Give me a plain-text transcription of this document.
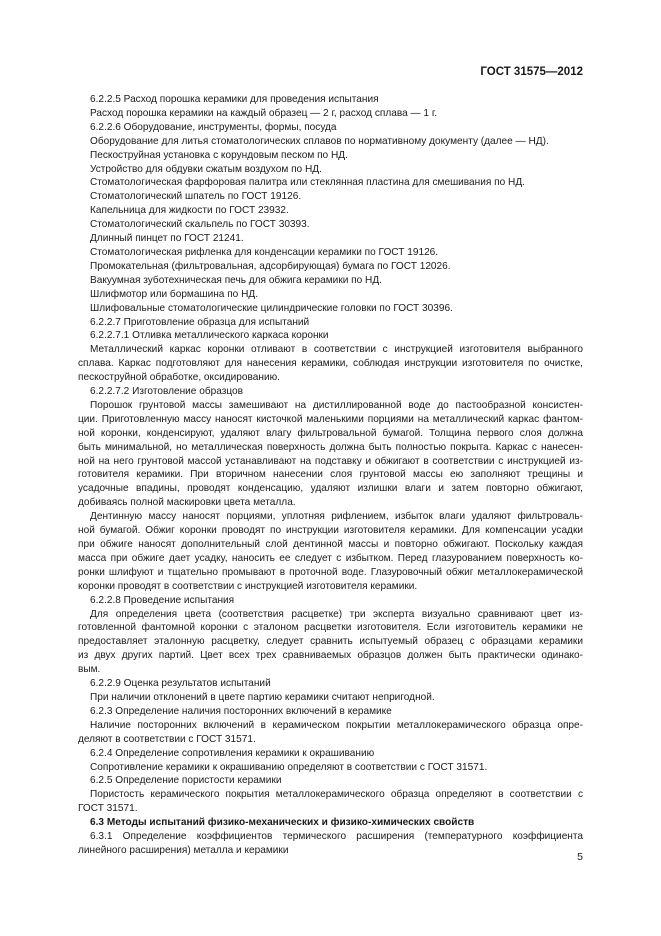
ГОСТ 31575—2012
6.2.2.5 Расход порошка керамики для проведения испытания
Расход порошка керамики на каждый образец — 2 г, расход сплава — 1 г.
6.2.2.6 Оборудование, инструменты, формы, посуда
Оборудование для литья стоматологических сплавов по нормативному документу (далее — НД).
Пескоструйная установка с корундовым песком по НД.
Устройство для обдувки сжатым воздухом по НД.
Стоматологическая фарфоровая палитра или стеклянная пластина для смешивания по НД.
Стоматологический шпатель по ГОСТ 19126.
Капельница для жидкости по ГОСТ 23932.
Стоматологический скальпель по ГОСТ 30393.
Длинный пинцет по ГОСТ 21241.
Стоматологическая рифленка для конденсации керамики по ГОСТ 19126.
Промокательная (фильтровальная, адсорбирующая) бумага по ГОСТ 12026.
Вакуумная зуботехническая печь для обжига керамики по НД.
Шлифмотор или бормашина по НД.
Шлифовальные стоматологические цилиндрические головки по ГОСТ 30396.
6.2.2.7 Приготовление образца для испытаний
6.2.2.7.1 Отливка металлического каркаса коронки
Металлический каркас коронки отливают в соответствии с инструкцией изготовителя выбранного
сплава. Каркас подготовляют для нанесения керамики, соблюдая инструкции изготовителя по очистке,
пескоструйной обработке, оксидированию.
6.2.2.7.2 Изготовление образцов
Порошок грунтовой массы замешивают на дистиллированной воде до пастообразной консистен-
ции. Приготовленную массу наносят кисточкой маленькими порциями на металлический каркас фантом-
ной коронки, конденсируют, удаляют влагу фильтровальной бумагой. Толщина первого слоя должна
быть минимальной, но металлическая поверхность должна быть полностью покрыта. Каркас с нанесен-
ной на него грунтовой массой устанавливают на подставку и обжигают в соответствии с инструкцией из-
готовителя керамики. При вторичном нанесении слоя грунтовой массы ею заполняют трещины и
усадочные впадины, проводят конденсацию, удаляют излишки влаги и затем повторно обжигают,
добиваясь полной маскировки цвета металла.
Дентинную массу наносят порциями, уплотняя рифлением, избыток влаги удаляют фильтроваль-
ной бумагой. Обжиг коронки проводят по инструкции изготовителя керамики. Для компенсации усадки
при обжиге наносят дополнительный слой дентинной массы и повторно обжигают. Поскольку каждая
масса при обжиге дает усадку, наносить ее следует с избытком. Перед глазурованием поверхность ко-
ронки шлифуют и тщательно промывают в проточной воде. Глазуровочный обжиг металлокерамической
коронки проводят в соответствии с инструкцией изготовителя керамики.
6.2.2.8 Проведение испытания
Для определения цвета (соответствия расцветке) три эксперта визуально сравнивают цвет из-
готовленной фантомной коронки с эталоном расцветки изготовителя. Если изготовитель керамики не
предоставляет эталонную расцветку, следует сравнить испытуемый образец с образцами керамики
из двух других партий. Цвет всех трех сравниваемых образцов должен быть практически одинако-
вым.
6.2.2.9 Оценка результатов испытаний
При наличии отклонений в цвете партию керамики считают непригодной.
6.2.3 Определение наличия посторонних включений в керамике
Наличие посторонних включений в керамическом покрытии металлокерамического образца опре-
деляют в соответствии с ГОСТ 31571.
6.2.4 Определение сопротивления керамики к окрашиванию
Сопротивление керамики к окрашиванию определяют в соответствии с ГОСТ 31571.
6.2.5 Определение пористости керамики
Пористость керамического покрытия металлокерамического образца определяют в соответствии с
ГОСТ 31571.
6.3 Методы испытаний физико-механических и физико-химических свойств
6.3.1 Определение коэффициентов термического расширения (температурного коэффициента
линейного расширения) металла и керамики
5
